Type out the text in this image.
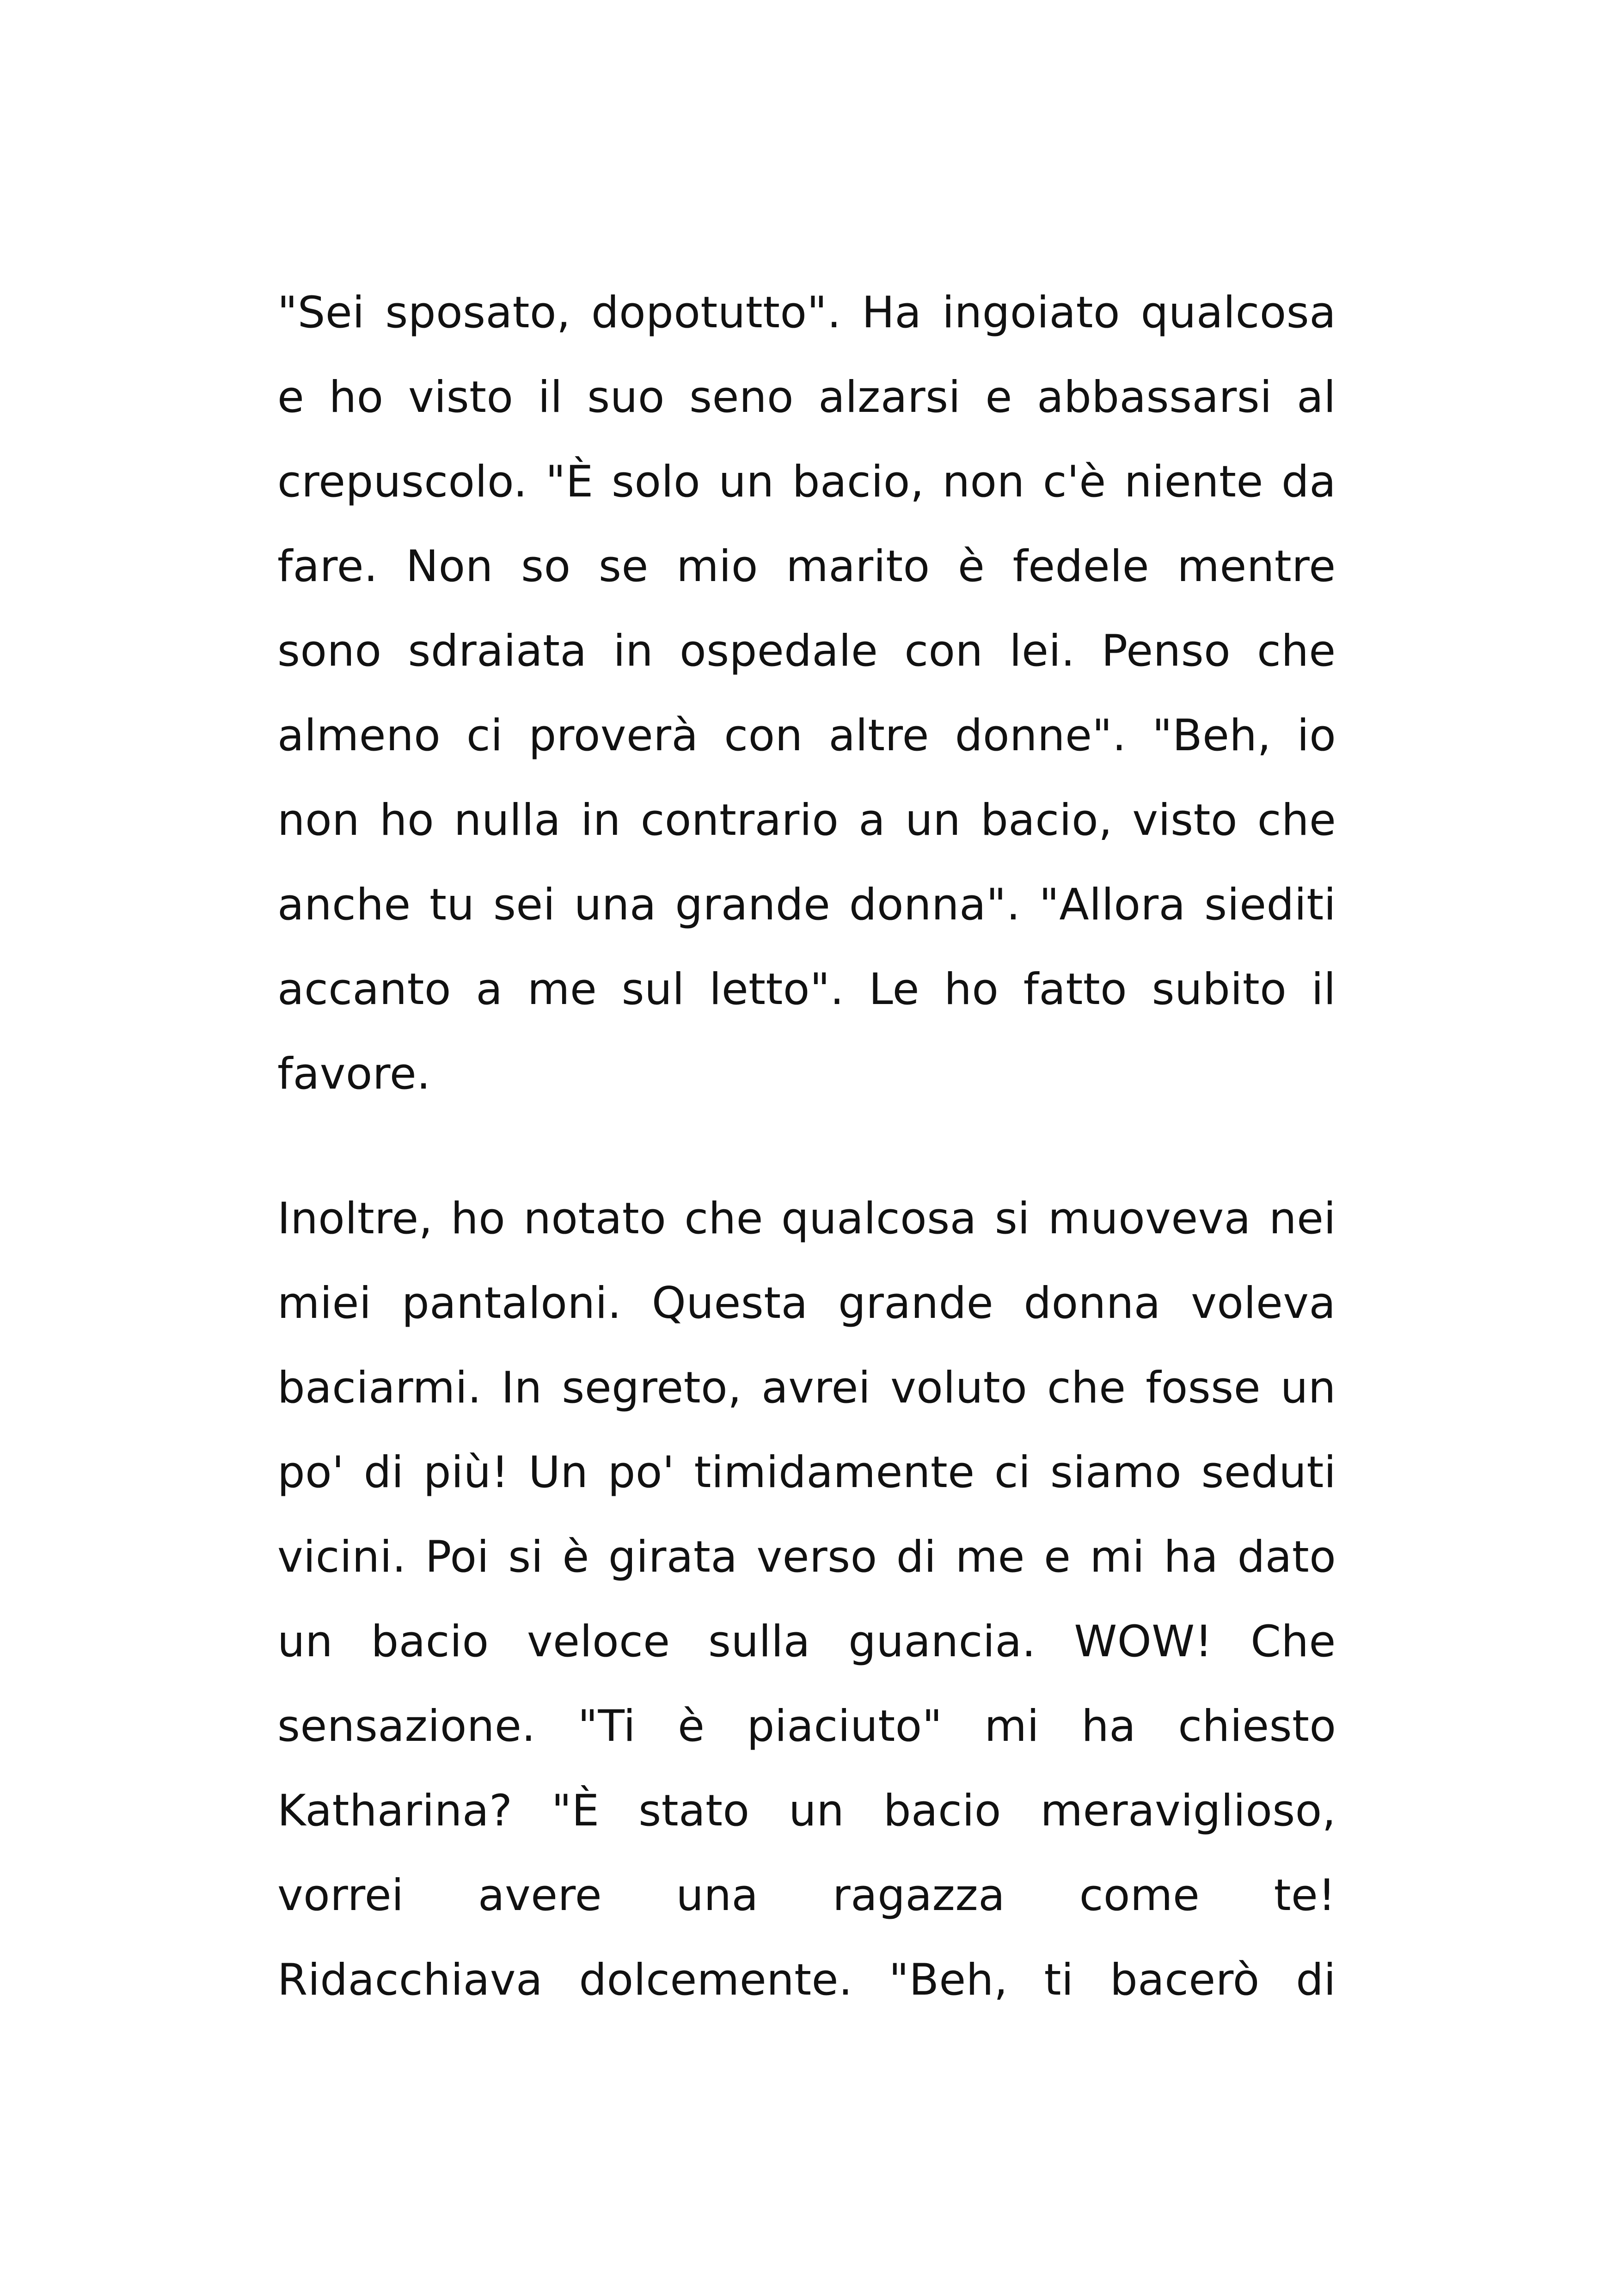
"Sei sposato, dopotutto". Ha ingoiato qualcosa
e ho visto il suo seno alzarsi e abbassarsi al
crepuscolo. "È solo un bacio, non c'è niente da
fare. Non so se mio marito è fedele mentre
sono sdraiata in ospedale con lei. Penso che
almeno ci proverà con altre donne". "Beh, io
non ho nulla in contrario a un bacio, visto che
anche tu sei una grande donna". "Allora siediti
accanto a me sul letto". Le ho fatto subito il
favore.
Inoltre, ho notato che qualcosa si muoveva nei
miei pantaloni. Questa grande donna voleva
baciarmi. In segreto, avrei voluto che fosse un
po' di più! Un po' timidamente ci siamo seduti
vicini. Poi si è girata verso di me e mi ha dato
un bacio veloce sulla guancia. WOW! Che
sensazione. "Ti è piaciuto" mi ha chiesto
Katharina? "È stato un bacio meraviglioso,
vorrei avere una ragazza come te!
Ridacchiava dolcemente. "Beh, ti bacerò di
